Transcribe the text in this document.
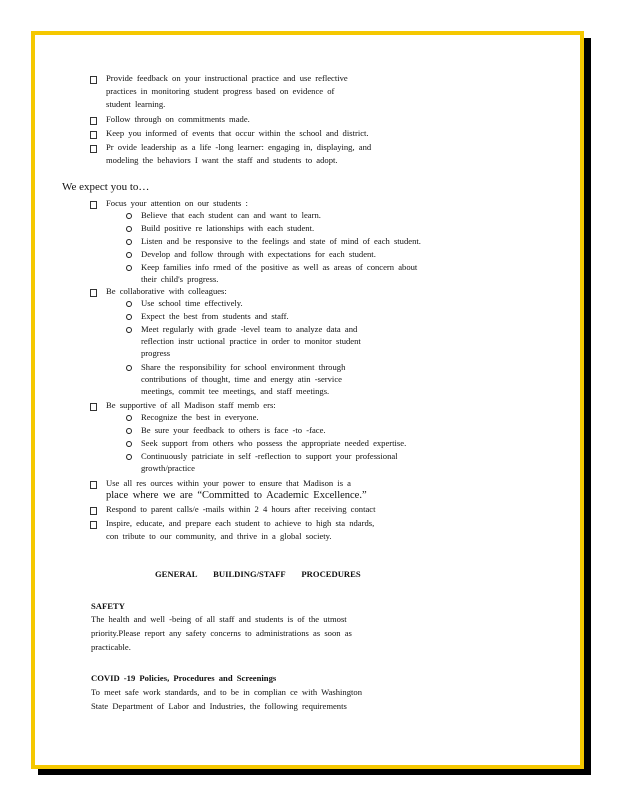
Provide feedback on your instructional practice and use reflective
practices in monitoring student progress based on evidence of
student learning.
Follow through on commitments made.
Keep you informed of events that occur within the school and district.
Pr ovide leadership as a life -long learner: engaging in, displaying, and
modeling the behaviors I want the staff and students to adopt.
We expect you to…
Focus your attention on our students :
Believe that each student can and want to learn.
Build positive re lationships with each student.
Listen and be responsive to the feelings and state of mind of each student.
Develop and follow through with expectations for each student.
Keep families info rmed of the positive as well as areas of concern about
their child's progress.
Be collaborative with colleagues:
Use school time effectively.
Expect the best from students and staff.
Meet regularly with grade -level team to analyze data and
reflection instr uctional practice in order to monitor student
progress
Share the responsibility for school environment through
contributions of thought, time and energy atin -service
meetings, commit tee meetings, and staff meetings.
Be supportive of all Madison staff memb ers:
Recognize the best in everyone.
Be sure your feedback to others is face -to -face.
Seek support from others who possess the appropriate needed expertise.
Continuously patriciate in self -reflection to support your professional
growth/practice
Use all res ources within your power to ensure that Madison is a
place where we are “Committed to Academic Excellence.”
Respond to parent calls/e -mails within 2 4 hours after receiving contact
Inspire, educate, and prepare each student to achieve to high sta ndards,
con tribute to our community, and thrive in a global society.
GENERAL BUILDING/STAFF PROCEDURES
SAFETY
The health and well -being of all staff and students is of the utmost
priority.Please report any safety concerns to administrations as soon as
practicable.
COVID -19 Policies, Procedures and Screenings
To meet safe work standards, and to be in complian ce with Washington
State Department of Labor and Industries, the following requirements
